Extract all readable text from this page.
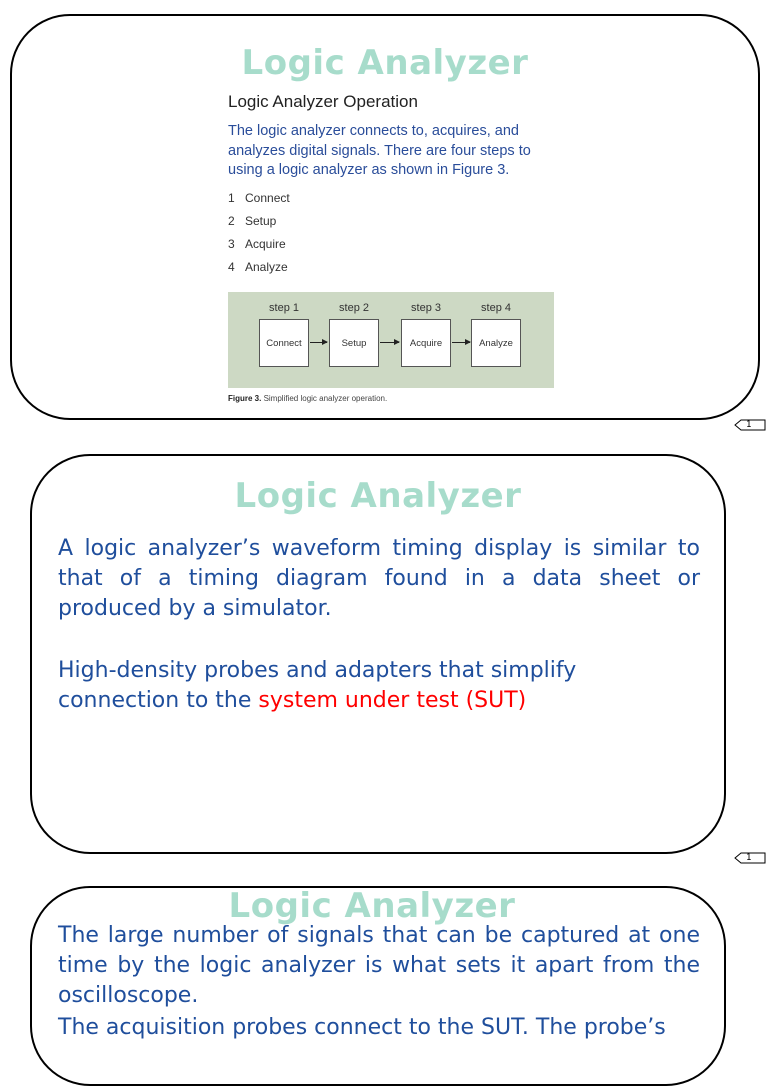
Logic Analyzer
Logic Analyzer Operation
The logic analyzer connects to, acquires, and analyzes digital signals. There are four steps to using a logic analyzer as shown in Figure 3.
1 Connect
2 Setup
3 Acquire
4 Analyze
step 1	step 2	step 3	step 4
Connect	Setup	Acquire	Analyze
Figure 3. Simplified logic analyzer operation.
1
Logic Analyzer
A logic analyzer’s waveform timing display is similar to that of a timing diagram found in a data sheet or produced by a simulator.
High-density probes and adapters that simplify connection to the system under test (SUT)
1
Logic Analyzer
The large number of signals that can be captured at one time by the logic analyzer is what sets it apart from the oscilloscope.
The acquisition probes connect to the SUT. The probe’s
